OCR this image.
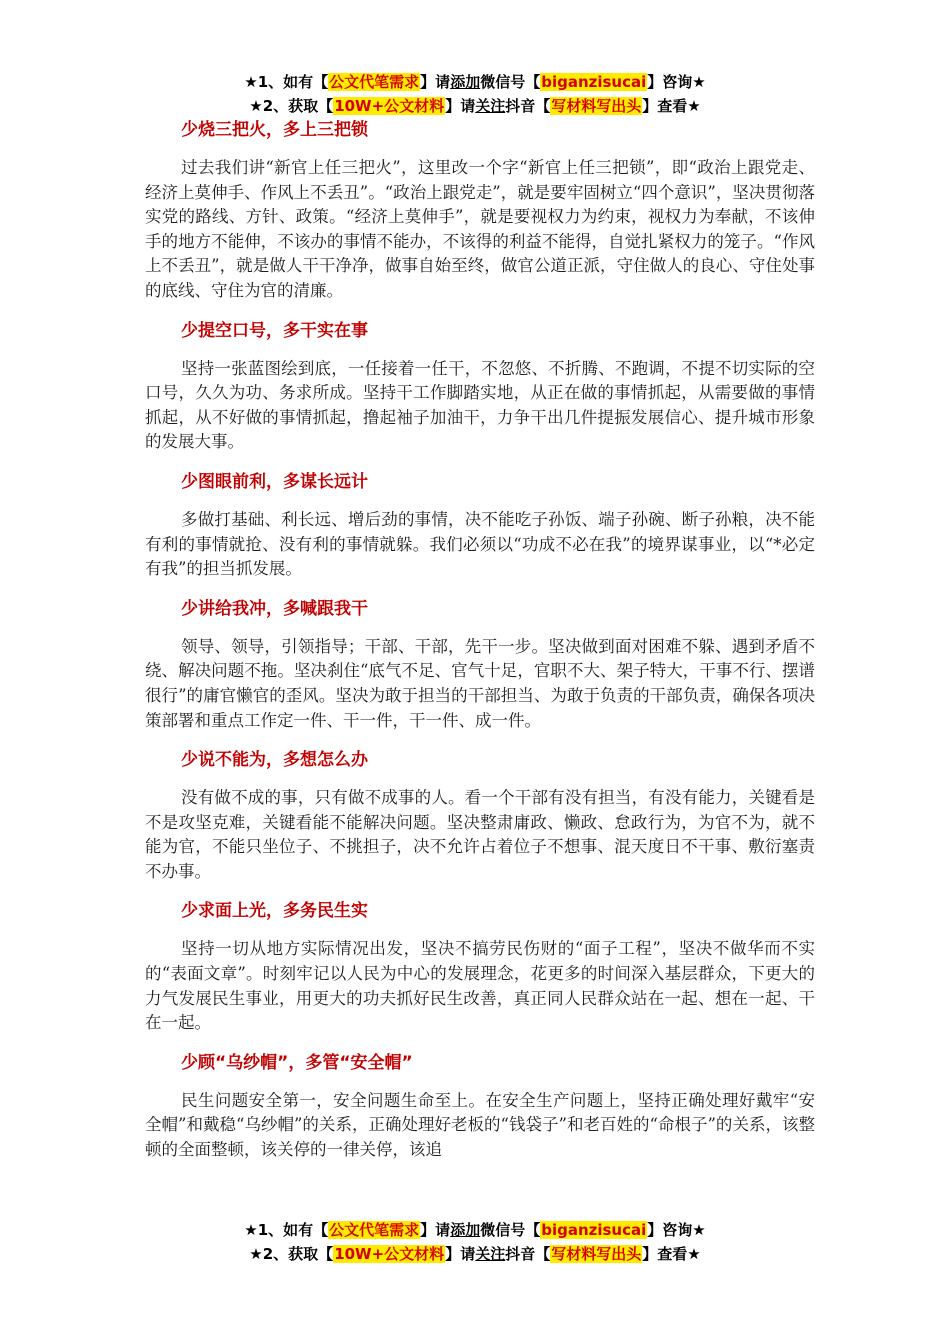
★1、如有【公文代笔需求】请添加微信号【biganzisucai】咨询★
★2、获取【10W+公文材料】请关注抖音【写材料写出头】查看★
少烧三把火，多上三把锁

过去我们讲“新官上任三把火”，这里改一个字“新官上任三把锁”，即“政治上跟党走、经济上莫伸手、作风上不丢丑”。“政治上跟党走”，就是要牢固树立“四个意识”，坚决贯彻落实党的路线、方针、政策。“经济上莫伸手”，就是要视权力为约束，视权力为奉献，不该伸手的地方不能伸，不该办的事情不能办，不该得的利益不能得，自觉扎紧权力的笼子。“作风上不丢丑”，就是做人干干净净，做事自始至终，做官公道正派，守住做人的良心、守住处事的底线、守住为官的清廉。

少提空口号，多干实在事

坚持一张蓝图绘到底，一任接着一任干，不忽悠、不折腾、不跑调，不提不切实际的空口号，久久为功、务求所成。坚持干工作脚踏实地，从正在做的事情抓起，从需要做的事情抓起，从不好做的事情抓起，撸起袖子加油干，力争干出几件提振发展信心、提升城市形象的发展大事。

少图眼前利，多谋长远计

多做打基础、利长远、增后劲的事情，决不能吃子孙饭、端子孙碗、断子孙粮，决不能有利的事情就抢、没有利的事情就躲。我们必须以“功成不必在我”的境界谋事业，以“*必定有我”的担当抓发展。

少讲给我冲，多喊跟我干

领导、领导，引领指导；干部、干部，先干一步。坚决做到面对困难不躲、遇到矛盾不绕、解决问题不拖。坚决刹住“底气不足、官气十足，官职不大、架子特大，干事不行、摆谱很行”的庸官懒官的歪风。坚决为敢于担当的干部担当、为敢于负责的干部负责，确保各项决策部署和重点工作定一件、干一件，干一件、成一件。

少说不能为，多想怎么办

没有做不成的事，只有做不成事的人。看一个干部有没有担当，有没有能力，关键看是不是攻坚克难，关键看能不能解决问题。坚决整肃庸政、懒政、怠政行为，为官不为，就不能为官，不能只坐位子、不挑担子，决不允许占着位子不想事、混天度日不干事、敷衍塞责不办事。

少求面上光，多务民生实

坚持一切从地方实际情况出发，坚决不搞劳民伤财的“面子工程”，坚决不做华而不实的“表面文章”。时刻牢记以人民为中心的发展理念，花更多的时间深入基层群众，下更大的力气发展民生事业，用更大的功夫抓好民生改善，真正同人民群众站在一起、想在一起、干在一起。

少顾“乌纱帽”，多管“安全帽”

民生问题安全第一，安全问题生命至上。在安全生产问题上，坚持正确处理好戴牢“安全帽”和戴稳“乌纱帽”的关系，正确处理好老板的“钱袋子”和老百姓的“命根子”的关系，该整顿的全面整顿，该关停的一律关停，该追

★1、如有【公文代笔需求】请添加微信号【biganzisucai】咨询★
★2、获取【10W+公文材料】请关注抖音【写材料写出头】查看★
